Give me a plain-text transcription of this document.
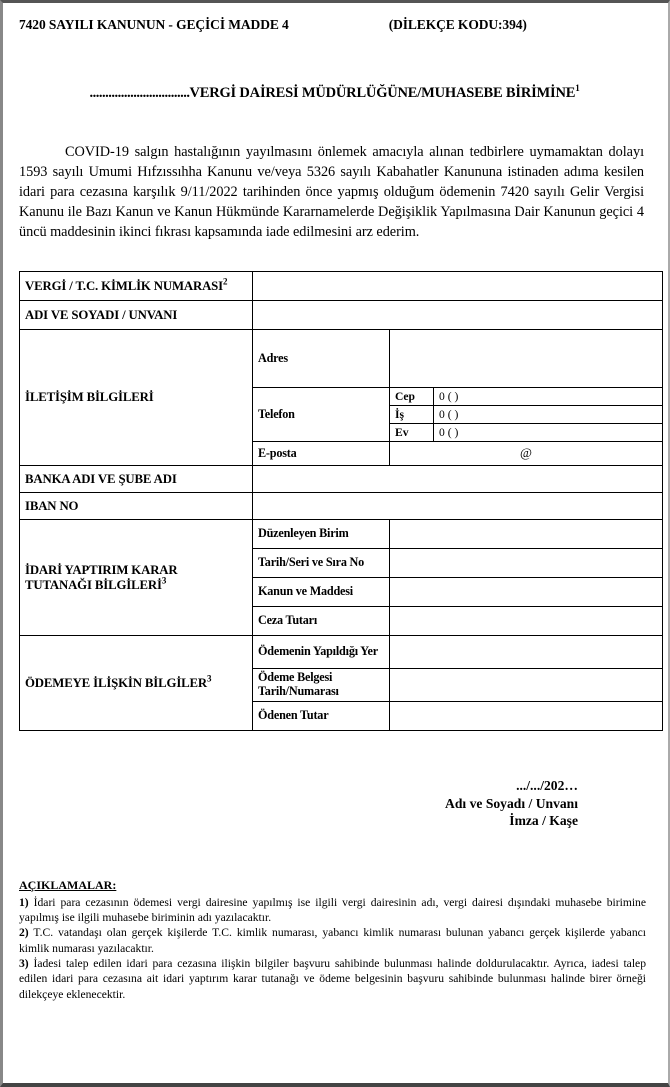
7420 SAYILI KANUNUN - GEÇİCİ MADDE 4	(DİLEKÇE KODU:394)
................................VERGİ DAİRESİ MÜDÜRLÜĞÜNE/MUHASEBE BİRİMİNE$^1$
COVID-19 salgın hastalığının yayılmasını önlemek amacıyla alınan tedbirlere uymamaktan dolayı 1593 sayılı Umumi Hıfzıssıhha Kanunu ve/veya 5326 sayılı Kabahatler Kanununa istinaden adıma kesilen idari para cezasına karşılık 9/11/2022 tarihinden önce yapmış olduğum ödemenin 7420 sayılı Gelir Vergisi Kanunu ile Bazı Kanun ve Kanun Hükmünde Kararnamelerde Değişiklik Yapılmasına Dair Kanunun geçici 4 üncü maddesinin ikinci fıkrası kapsamında iade edilmesini arz ederim.
VERGİ / T.C. KİMLİK NUMARASI$^2$	
ADI VE SOYADI / UNVANI			
İLETİŞİM BİLGİLERİ	Adres		
	Telefon	Cep	0 ( )
		İş	0 ( )
		Ev	0 ( )
	E-posta	@	
BANKA ADI VE ŞUBE ADI			
IBAN NO			
İDARİ YAPTIRIM KARAR TUTANAĞI BİLGİLERİ$^3$	Düzenleyen Birim		
	Tarih/Seri ve Sıra No		
	Kanun ve Maddesi		
	Ceza Tutarı		
ÖDEMEYE İLİŞKİN BİLGİLER$^3$	Ödemenin Yapıldığı Yer		
	Ödeme Belgesi Tarih/Numarası		
	Ödenen Tutar		
.../.../202…
Adı ve Soyadı / Unvanı
İmza / Kaşe
AÇIKLAMALAR:

1) İdari para cezasının ödemesi vergi dairesine yapılmış ise ilgili vergi dairesinin adı, vergi dairesi dışındaki muhasebe birimine yapılmış ise ilgili muhasebe biriminin adı yazılacaktır.

2) T.C. vatandaşı olan gerçek kişilerde T.C. kimlik numarası, yabancı kimlik numarası bulunan yabancı gerçek kişilerde yabancı kimlik numarası yazılacaktır.

3) İadesi talep edilen idari para cezasına ilişkin bilgiler başvuru sahibinde bulunması halinde doldurulacaktır. Ayrıca, iadesi talep edilen idari para cezasına ait idari yaptırım karar tutanağı ve ödeme belgesinin başvuru sahibinde bulunması halinde birer örneği dilekçeye eklenecektir.
